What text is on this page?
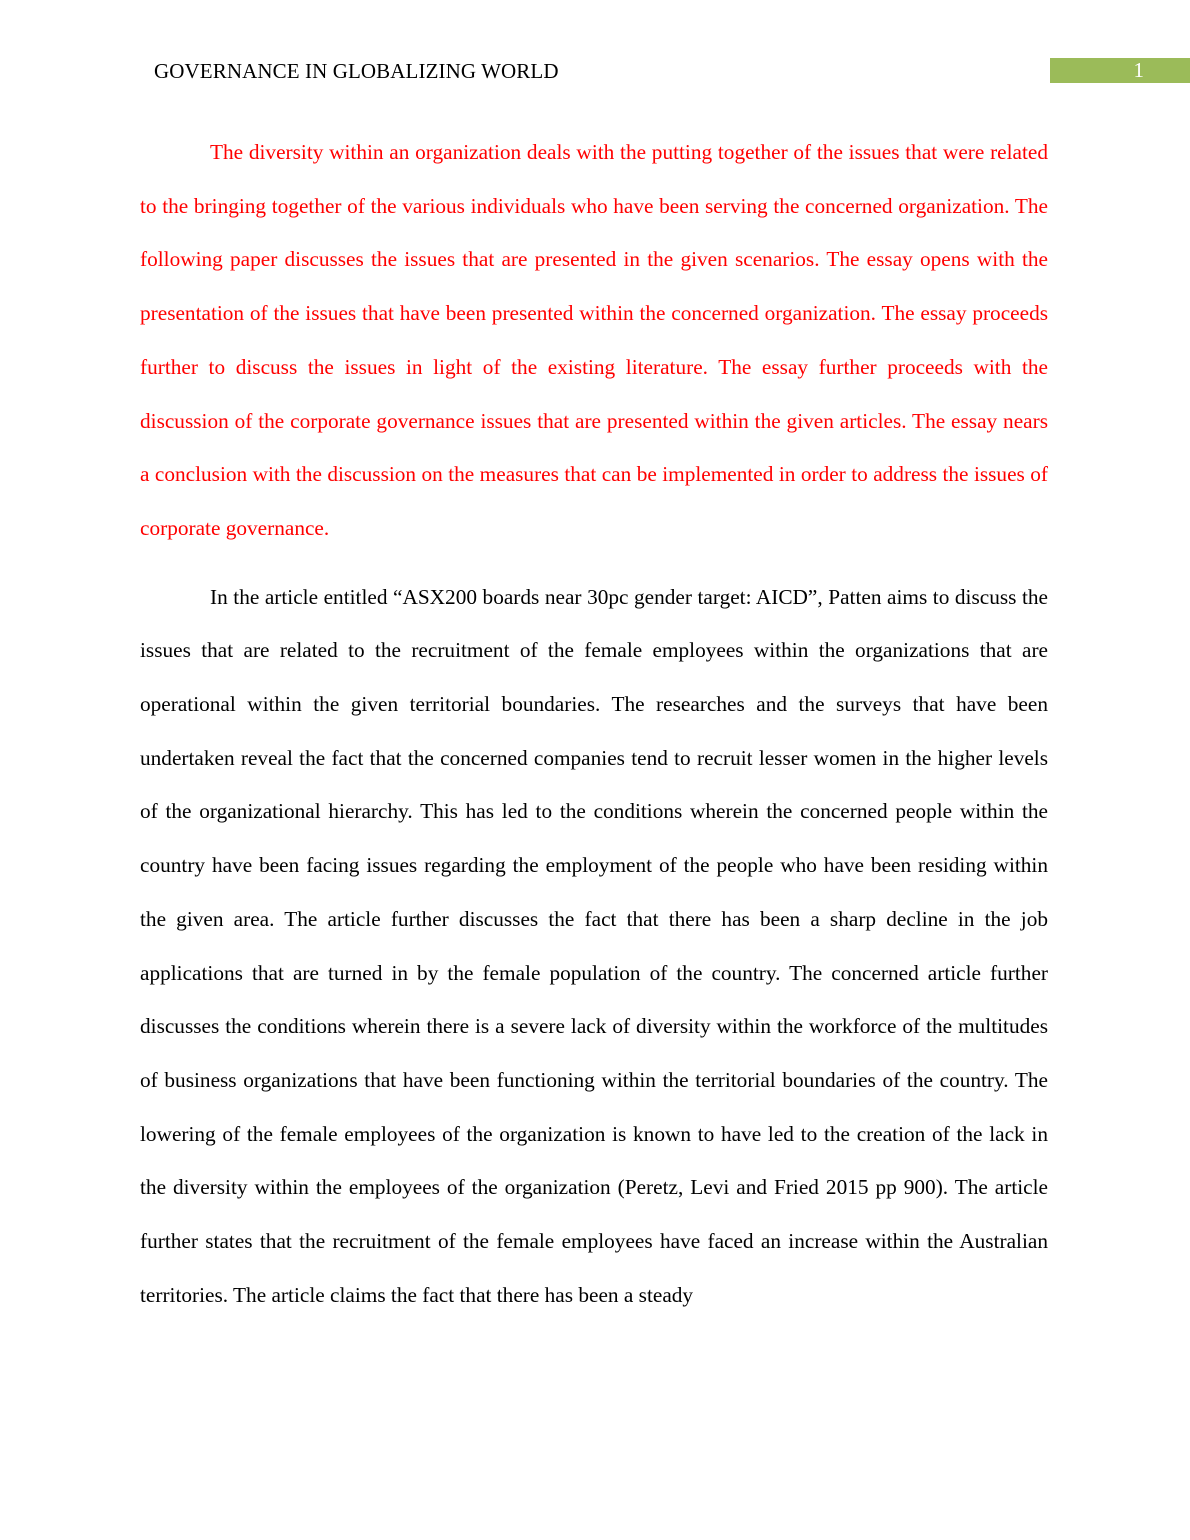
GOVERNANCE IN GLOBALIZING WORLD	1

The diversity within an organization deals with the putting together of the issues that were related to the bringing together of the various individuals who have been serving the concerned organization. The following paper discusses the issues that are presented in the given scenarios. The essay opens with the presentation of the issues that have been presented within the concerned organization. The essay proceeds further to discuss the issues in light of the existing literature. The essay further proceeds with the discussion of the corporate governance issues that are presented within the given articles. The essay nears a conclusion with the discussion on the measures that can be implemented in order to address the issues of corporate governance.

In the article entitled “ASX200 boards near 30pc gender target: AICD”, Patten aims to discuss the issues that are related to the recruitment of the female employees within the organizations that are operational within the given territorial boundaries. The researches and the surveys that have been undertaken reveal the fact that the concerned companies tend to recruit lesser women in the higher levels of the organizational hierarchy. This has led to the conditions wherein the concerned people within the country have been facing issues regarding the employment of the people who have been residing within the given area. The article further discusses the fact that there has been a sharp decline in the job applications that are turned in by the female population of the country. The concerned article further discusses the conditions wherein there is a severe lack of diversity within the workforce of the multitudes of business organizations that have been functioning within the territorial boundaries of the country. The lowering of the female employees of the organization is known to have led to the creation of the lack in the diversity within the employees of the organization (Peretz, Levi and Fried 2015 pp 900). The article further states that the recruitment of the female employees have faced an increase within the Australian territories. The article claims the fact that there has been a steady
